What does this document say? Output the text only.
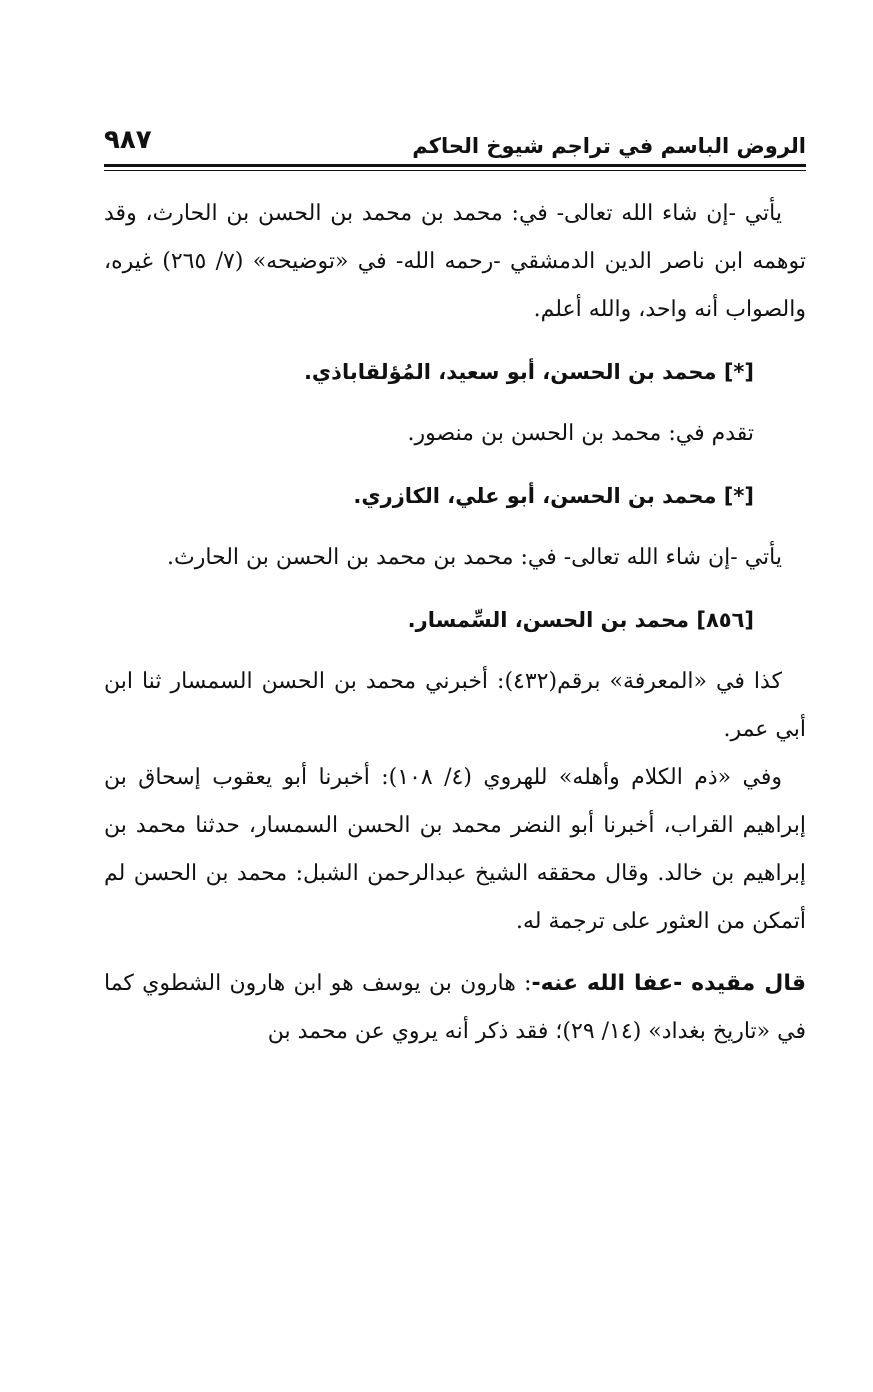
الروض الباسم في تراجم شيوخ الحاكم
٩٨٧

يأتي -إن شاء الله تعالى- في: محمد بن محمد بن الحسن بن الحارث، وقد توهمه ابن ناصر الدين الدمشقي -رحمه الله- في «توضيحه» (٧/ ٢٦٥) غيره، والصواب أنه واحد، والله أعلم.

[*] محمد بن الحسن، أبو سعيد، المُؤلقاباذي.

تقدم في: محمد بن الحسن بن منصور.

[*] محمد بن الحسن، أبو علي، الكازري.

يأتي -إن شاء الله تعالى- في: محمد بن محمد بن الحسن بن الحارث.

[٨٥٦] محمد بن الحسن، السِّمسار.

كذا في «المعرفة» برقم(٤٣٢): أخبرني محمد بن الحسن السمسار ثنا ابن أبي عمر.

وفي «ذم الكلام وأهله» للهروي (٤/ ١٠٨): أخبرنا أبو يعقوب إسحاق بن إبراهيم القراب، أخبرنا أبو النضر محمد بن الحسن السمسار، حدثنا محمد بن إبراهيم بن خالد. وقال محققه الشيخ عبدالرحمن الشبل: محمد بن الحسن لم أتمكن من العثور على ترجمة له.

قال مقيده -عفا الله عنه-: هارون بن يوسف هو ابن هارون الشطوي كما في «تاريخ بغداد» (١٤/ ٢٩)؛ فقد ذكر أنه يروي عن محمد بن
